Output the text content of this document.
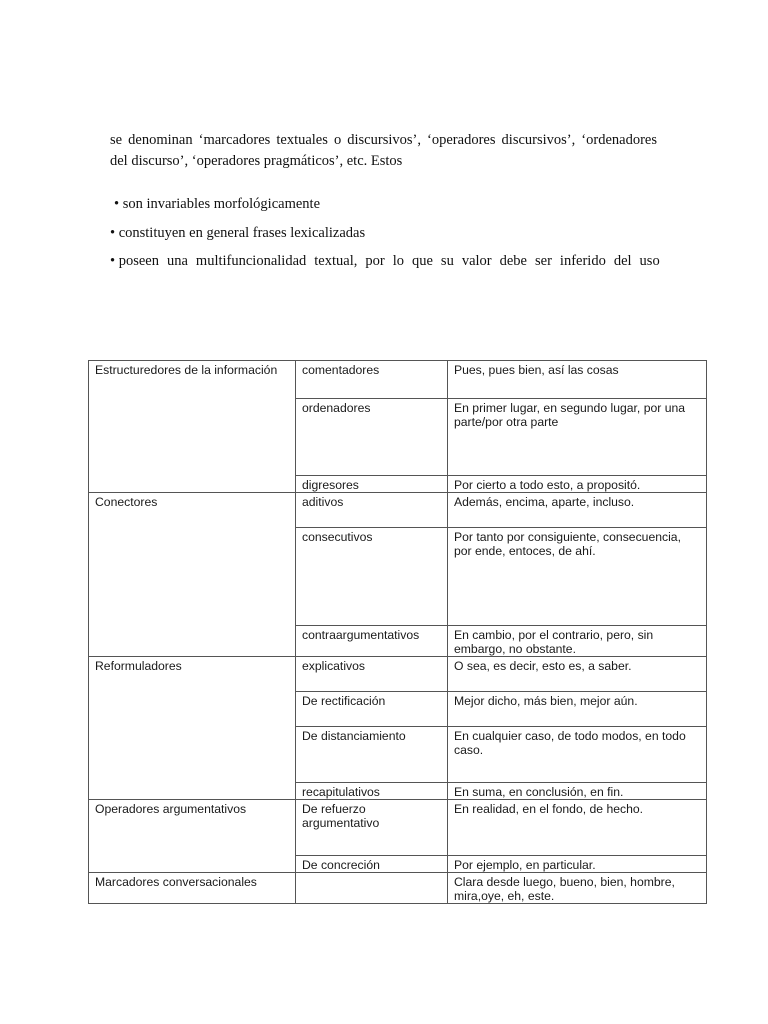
se denominan ‘marcadores textuales o discursivos’, ‘operadores discursivos’, ‘ordenadores del discurso’, ‘operadores pragmáticos’, etc. Estos

• son invariables morfológicamente

• constituyen en general frases lexicalizadas

• poseen una multifuncionalidad textual, por lo que su valor debe ser inferido del uso

Estructuredores de la información	comentadores	Pues, pues bien, así las cosas
	ordenadores	En primer lugar, en segundo lugar, por una parte/por otra parte
	digresores	Por cierto a todo esto, a propositó.
Conectores	aditivos	Además, encima, aparte, incluso.
	consecutivos	Por tanto por consiguiente, consecuencia, por ende, entoces, de ahí.
	contraargumentativos	En cambio, por el contrario, pero, sin embargo, no obstante.
Reformuladores	explicativos	O sea, es decir, esto es, a saber.
	De rectificación	Mejor dicho, más bien, mejor aún.
	De distanciamiento	En cualquier caso, de todo modos, en todo caso.
	recapitulativos	En suma, en conclusión, en fin.
Operadores argumentativos	De refuerzo argumentativo	En realidad, en el fondo, de hecho.
	De concreción	Por ejemplo, en particular.
Marcadores conversacionales		Clara desde luego, bueno, bien, hombre, mira,oye, eh, este.
